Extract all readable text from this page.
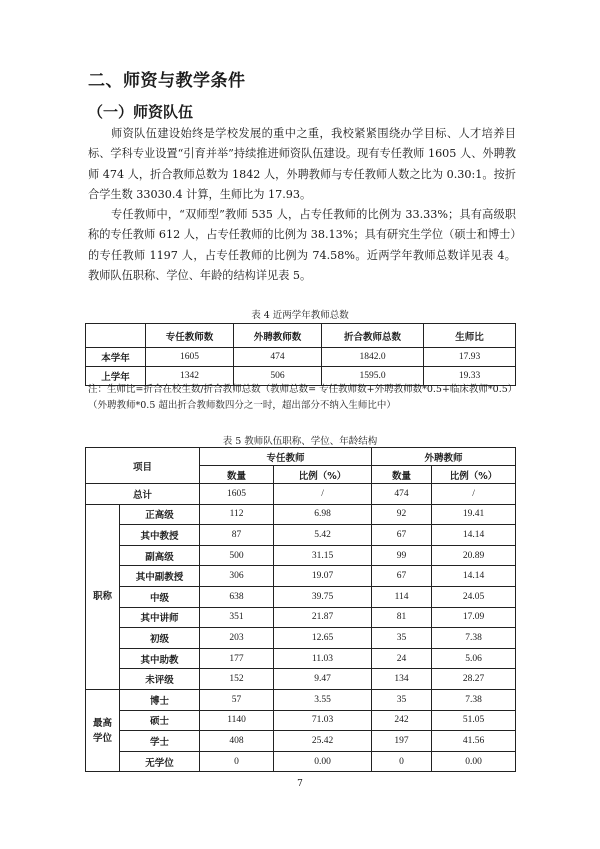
二、师资与教学条件
（一）师资队伍

师资队伍建设始终是学校发展的重中之重，我校紧紧围绕办学目标、人才培养目标、学科专业设置“引育并举”持续推进师资队伍建设。现有专任教师 1605 人、外聘教师 474 人，折合教师总数为 1842 人，外聘教师与专任教师人数之比为 0.30:1。按折合学生数 33030.4 计算，生师比为 17.93。

专任教师中，“双师型”教师 535 人，占专任教师的比例为 33.33%；具有高级职称的专任教师 612 人，占专任教师的比例为 38.13%；具有研究生学位（硕士和博士）的专任教师 1197 人，占专任教师的比例为 74.58%。近两学年教师总数详见表 4。教师队伍职称、学位、年龄的结构详见表 5。

表 4 近两学年教师总数
	专任教师数	外聘教师数	折合教师总数	生师比
本学年	1605	474	1842.0	17.93
上学年	1342	506	1595.0	19.33
注：生师比=折合在校生数/折合教师总数（教师总数= 专任教师数+外聘教师数*0.5+临床教师*0.5）（外聘教师*0.5 超出折合教师数四分之一时，超出部分不纳入生师比中）
表 5 教师队伍职称、学位、年龄结构
项目		专任教师		外聘教师	
		数量	比例（%）	数量	比例（%）
总计		1605	/	474	/
职称	正高级	112	6.98	92	19.41
	其中教授	87	5.42	67	14.14
	副高级	500	31.15	99	20.89
	其中副教授	306	19.07	67	14.14
	中级	638	39.75	114	24.05
	其中讲师	351	21.87	81	17.09
	初级	203	12.65	35	7.38
	其中助教	177	11.03	24	5.06
	未评级	152	9.47	134	28.27
最高
学位	博士	57	3.55	35	7.38
	硕士	1140	71.03	242	51.05
	学士	408	25.42	197	41.56
	无学位	0	0.00	0	0.00
7
